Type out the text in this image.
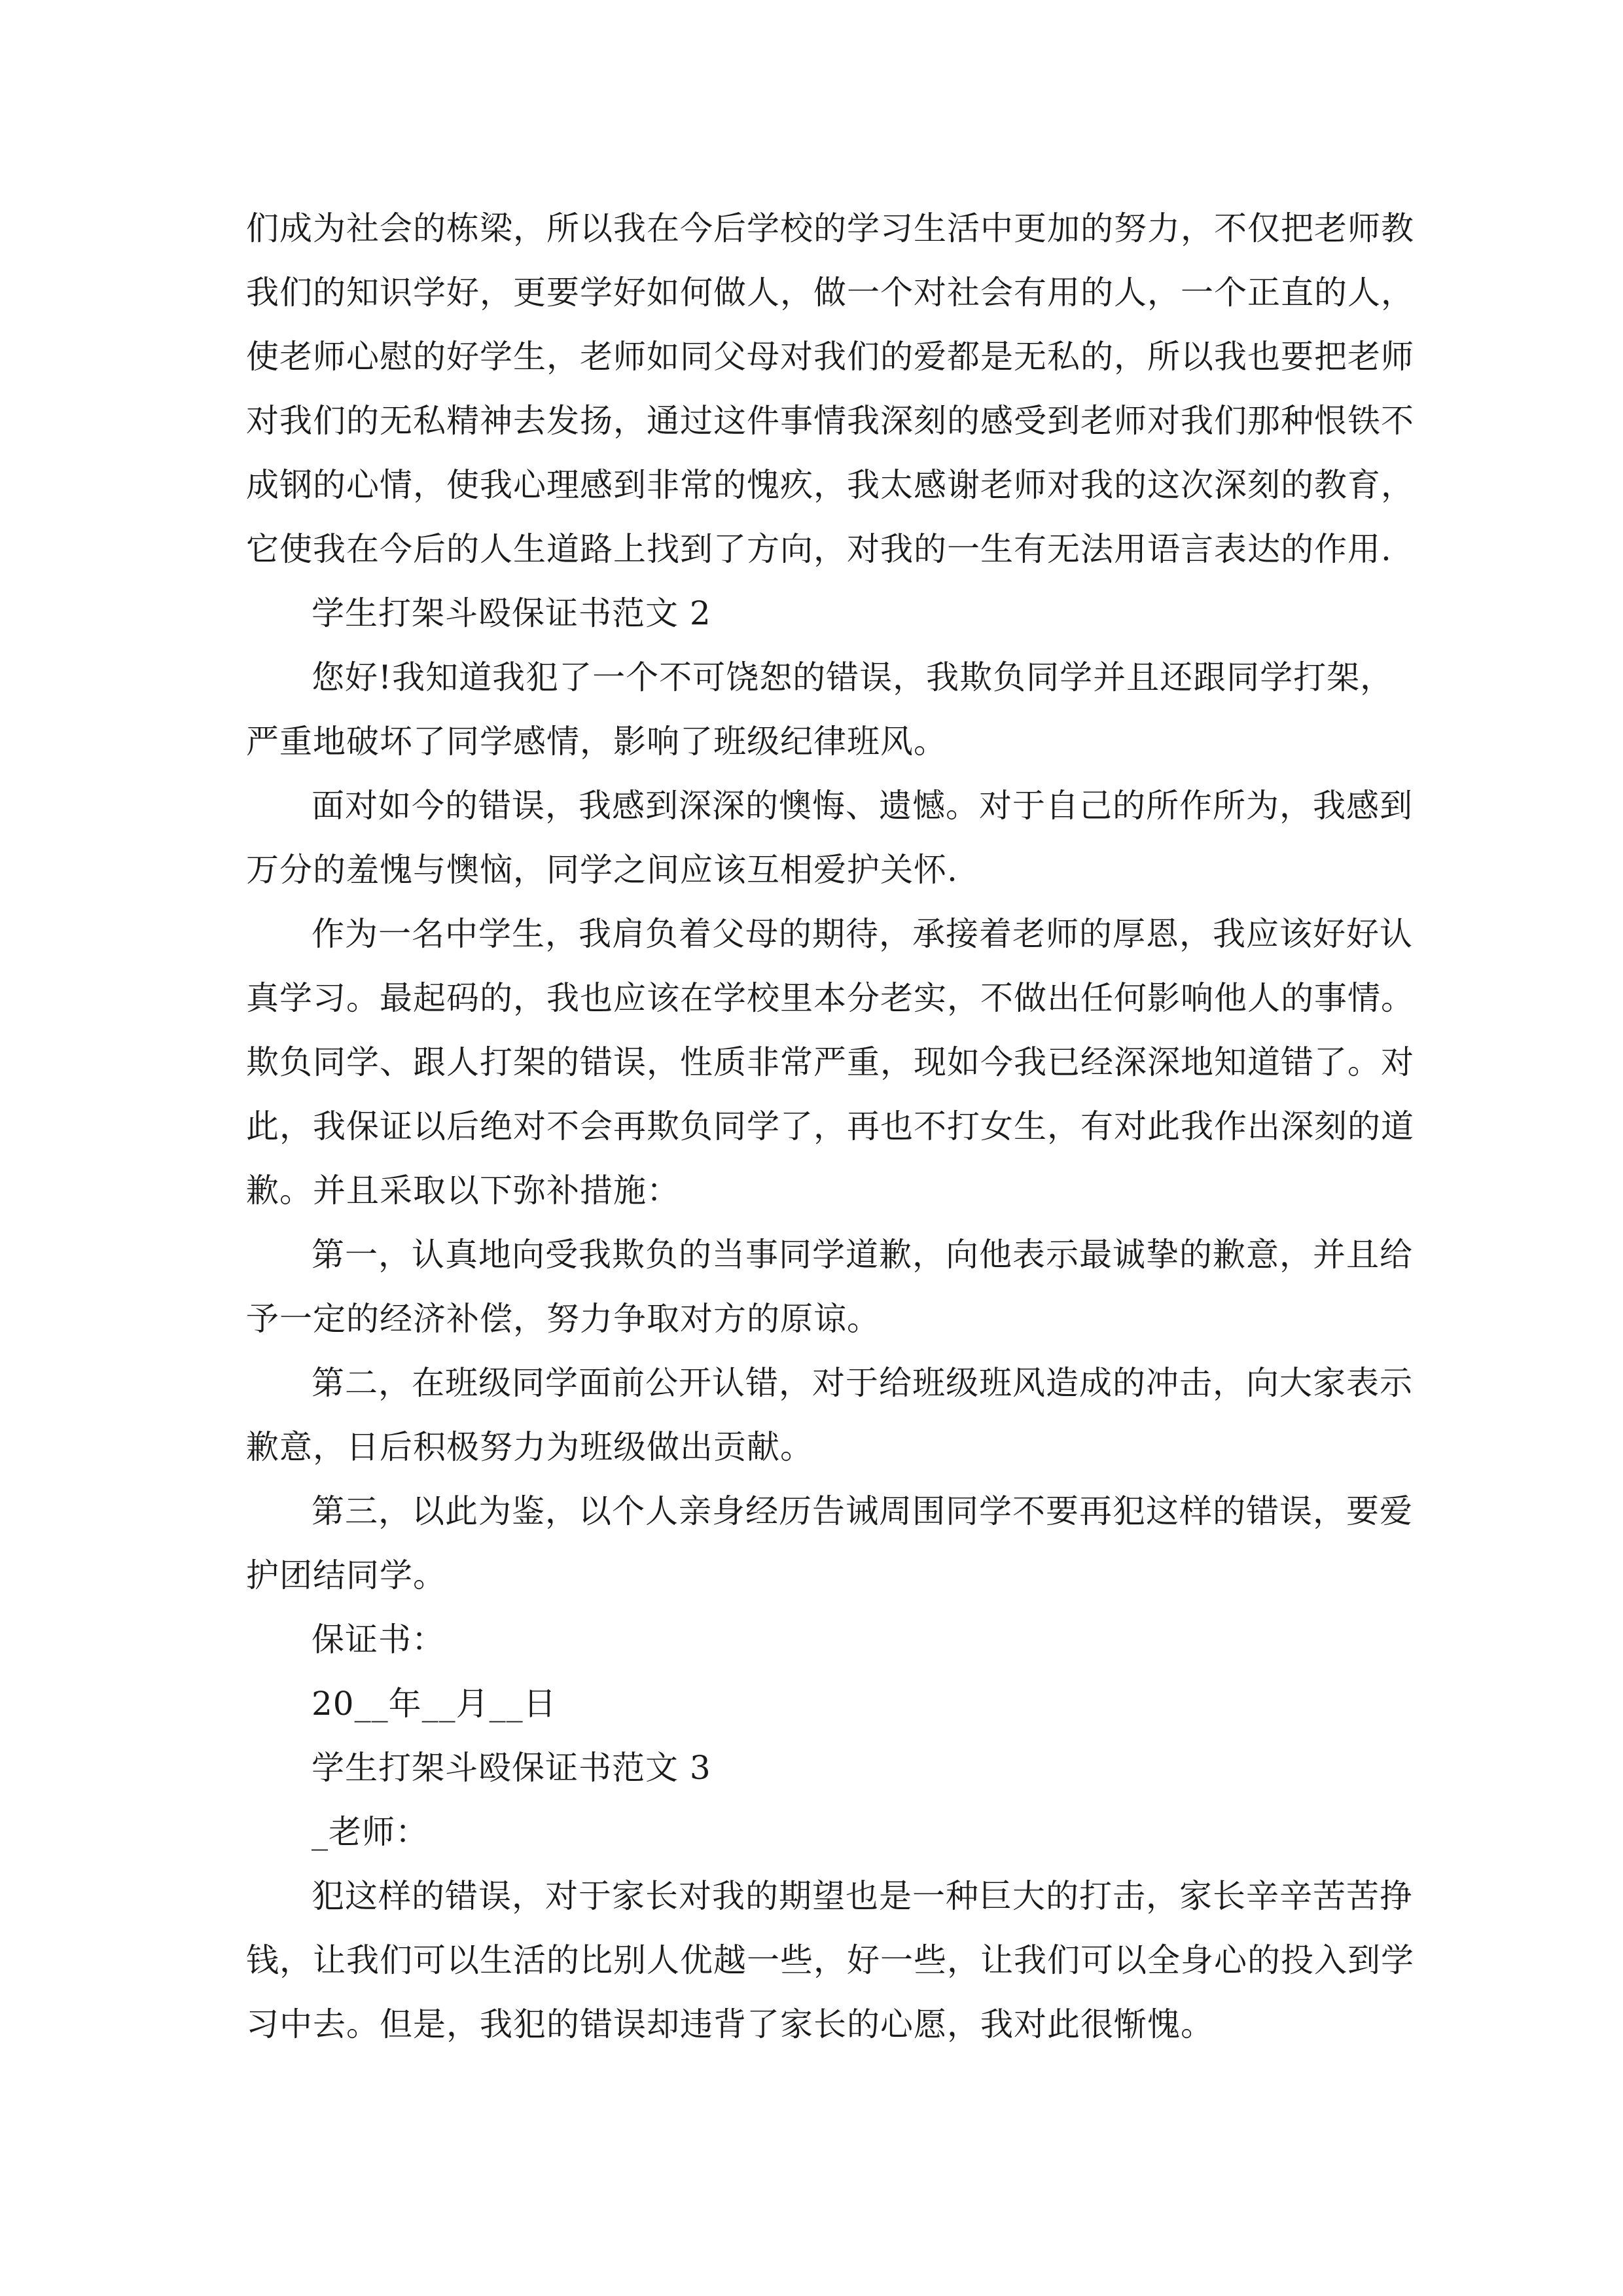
们成为社会的栋梁，所以我在今后学校的学习生活中更加的努力，不仅把老师教
我们的知识学好，更要学好如何做人，做一个对社会有用的人，一个正直的人，
使老师心慰的好学生，老师如同父母对我们的爱都是无私的，所以我也要把老师
对我们的无私精神去发扬，通过这件事情我深刻的感受到老师对我们那种恨铁不
成钢的心情，使我心理感到非常的愧疚，我太感谢老师对我的这次深刻的教育，
它使我在今后的人生道路上找到了方向，对我的一生有无法用语言表达的作用.
学生打架斗殴保证书范文 2
您好!我知道我犯了一个不可饶恕的错误，我欺负同学并且还跟同学打架，
严重地破坏了同学感情，影响了班级纪律班风。
面对如今的错误，我感到深深的懊悔、遗憾。对于自己的所作所为，我感到
万分的羞愧与懊恼，同学之间应该互相爱护关怀.
作为一名中学生，我肩负着父母的期待，承接着老师的厚恩，我应该好好认
真学习。最起码的，我也应该在学校里本分老实，不做出任何影响他人的事情。
欺负同学、跟人打架的错误，性质非常严重，现如今我已经深深地知道错了。对
此，我保证以后绝对不会再欺负同学了，再也不打女生，有对此我作出深刻的道
歉。并且采取以下弥补措施：
第一，认真地向受我欺负的当事同学道歉，向他表示最诚挚的歉意，并且给
予一定的经济补偿，努力争取对方的原谅。
第二，在班级同学面前公开认错，对于给班级班风造成的冲击，向大家表示
歉意，日后积极努力为班级做出贡献。
第三，以此为鉴，以个人亲身经历告诫周围同学不要再犯这样的错误，要爱
护团结同学。
保证书：
20__年__月__日
学生打架斗殴保证书范文 3
_老师：
犯这样的错误，对于家长对我的期望也是一种巨大的打击，家长辛辛苦苦挣
钱，让我们可以生活的比别人优越一些，好一些，让我们可以全身心的投入到学
习中去。但是，我犯的错误却违背了家长的心愿，我对此很惭愧。
